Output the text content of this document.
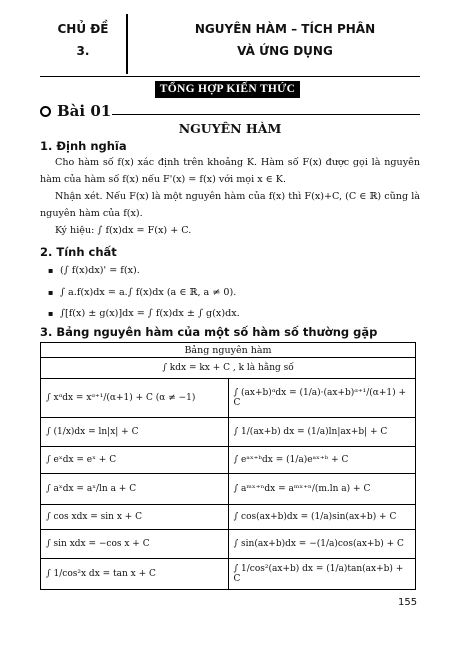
CHỦ ĐỀ
3.
NGUYÊN HÀM – TÍCH PHÂN
VÀ ỨNG DỤNG
TỔNG HỢP KIẾN THỨC
Bài 01
NGUYÊN HÀM
1. Định nghĩa
Cho hàm số f(x) xác định trên khoảng K. Hàm số F(x) được gọi là nguyên hàm của hàm số f(x) nếu F'(x) = f(x) với mọi x ∈ K.
Nhận xét. Nếu F(x) là một nguyên hàm của f(x) thì F(x)+C, (C ∈ ℝ) cũng là nguyên hàm của f(x).
Ký hiệu: ∫ f(x)dx = F(x) + C.
2. Tính chất
▪ (∫ f(x)dx)' = f(x).
▪ ∫ a.f(x)dx = a.∫ f(x)dx (a ∈ ℝ, a ≠ 0).
▪ ∫[f(x) ± g(x)]dx = ∫ f(x)dx ± ∫ g(x)dx.
3. Bảng nguyên hàm của một số hàm số thường gặp
Bảng nguyên hàm	
∫ kdx = kx + C , k là hằng số	
∫ xᵅdx = xᵅ⁺¹/(α+1) + C (α ≠ −1)	∫ (ax+b)ᵅdx = (1/a)·(ax+b)ᵅ⁺¹/(α+1) + C
∫ (1/x)dx = ln|x| + C	∫ 1/(ax+b) dx = (1/a)ln|ax+b| + C
∫ eˣdx = eˣ + C	∫ eᵃˣ⁺ᵇdx = (1/a)eᵃˣ⁺ᵇ + C
∫ aˣdx = aˣ/ln a + C	∫ aᵐˣ⁺ⁿdx = aᵐˣ⁺ⁿ/(m.ln a) + C
∫ cos xdx = sin x + C	∫ cos(ax+b)dx = (1/a)sin(ax+b) + C
∫ sin xdx = −cos x + C	∫ sin(ax+b)dx = −(1/a)cos(ax+b) + C
∫ 1/cos²x dx = tan x + C	∫ 1/cos²(ax+b) dx = (1/a)tan(ax+b) + C
155
